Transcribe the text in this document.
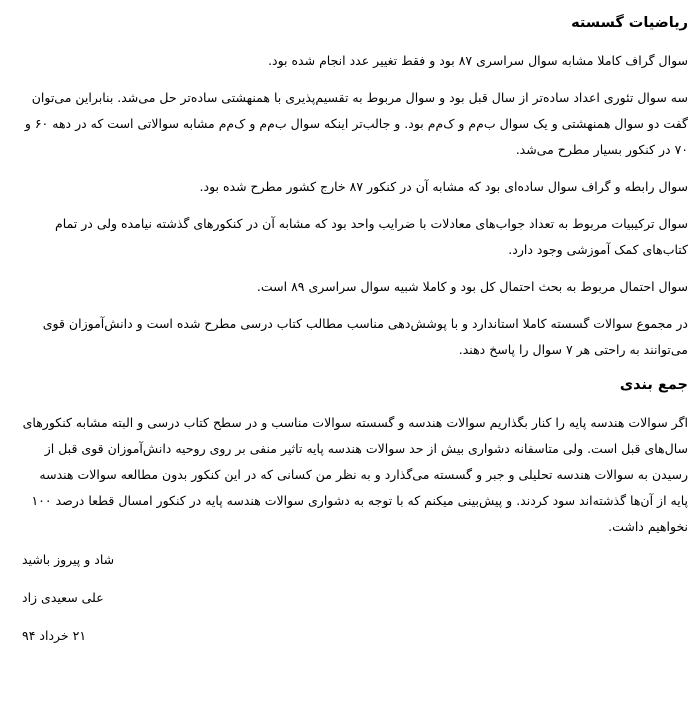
ریاضیات گسسته

سوال گراف کاملا مشابه سوال سراسری ۸۷ بود و فقط تغییر عدد انجام شده بود.

سه سوال تئوری اعداد ساده‌تر از سال قبل بود و سوال مربوط به تقسیم‌پذیری با همنهشتی ساده‌تر حل می‌شد. بنابراین می‌توان گفت دو سوال همنهشتی و یک سوال ب‌م‌م و ک‌م‌م بود. و جالب‌تر اینکه سوال ب‌م‌م و ک‌م‌م مشابه سوالاتی است که در دهه ۶۰ و ۷۰ در کنکور بسیار مطرح می‌شد.

سوال رابطه و گراف سوال ساده‌ای بود که مشابه آن در کنکور ۸۷ خارج کشور مطرح شده بود.

سوال ترکیبیات مربوط به تعداد جواب‌های معادلات با ضرایب واحد بود که مشابه آن در کنکورهای گذشته نیامده ولی در تمام کتاب‌های کمک آموزشی وجود دارد.

سوال احتمال مربوط به بحث احتمال کل بود و کاملا شبیه سوال سراسری ۸۹ است.

در مجموع سوالات گسسته کاملا استاندارد و با پوشش‌دهی مناسب مطالب کتاب درسی مطرح شده است و دانش‌آموزان قوی می‌توانند به راحتی هر ۷ سوال را پاسخ دهند.

جمع بندی

اگر سوالات هندسه پایه را کنار بگذاریم سوالات هندسه و گسسته سوالات مناسب و در سطح کتاب درسی و البته مشابه کنکورهای سال‌های قبل است. ولی متاسفانه دشواری بیش از حد سوالات هندسه پایه تاثیر منفی بر روی روحیه دانش‌آموزان قوی قبل از رسیدن به سوالات هندسه تحلیلی و جبر و گسسته می‌گذارد و به نظر من کسانی که در این کنکور بدون مطالعه سوالات هندسه پایه از آن‌ها گذشته‌اند سود کردند. و پیش‌بینی میکنم که با توجه به دشواری سوالات هندسه پایه در کنکور امسال قطعا درصد ۱۰۰ نخواهیم داشت.

شاد و پیروز باشید
علی سعیدی زاد
۲۱ خرداد ۹۴
